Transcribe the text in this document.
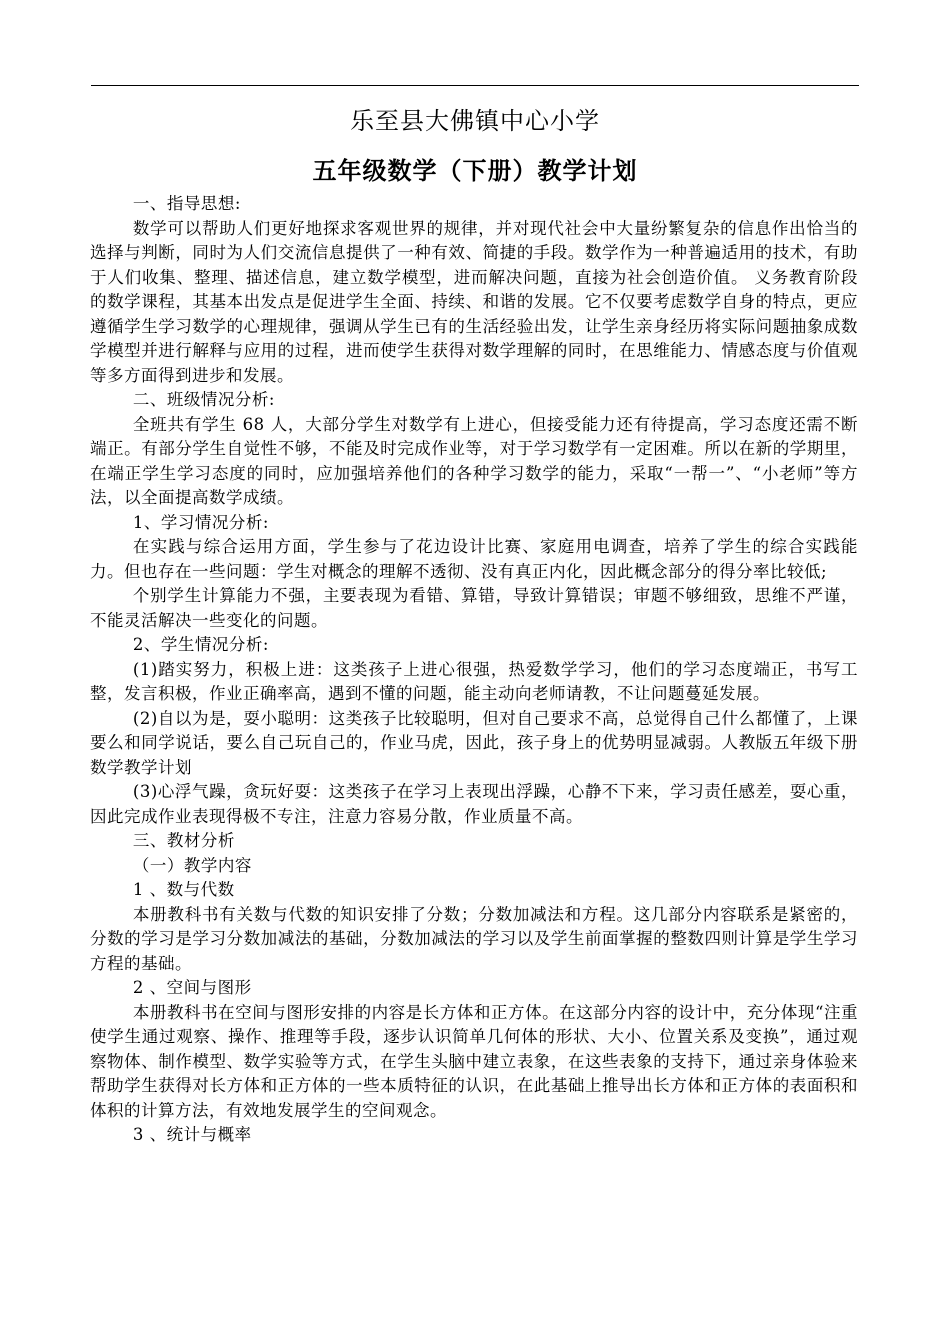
乐至县大佛镇中心小学
五年级数学（下册）教学计划

一、指导思想:

数学可以帮助人们更好地探求客观世界的规律，并对现代社会中大量纷繁复杂的信息作出恰当的选择与判断，同时为人们交流信息提供了一种有效、简捷的手段。数学作为一种普遍适用的技术，有助于人们收集、整理、描述信息，建立数学模型，进而解决问题，直接为社会创造价值。 义务教育阶段的数学课程，其基本出发点是促进学生全面、持续、和谐的发展。它不仅要考虑数学自身的特点，更应遵循学生学习数学的心理规律，强调从学生已有的生活经验出发，让学生亲身经历将实际问题抽象成数学模型并进行解释与应用的过程，进而使学生获得对数学理解的同时，在思维能力、情感态度与价值观等多方面得到进步和发展。

二、班级情况分析:

全班共有学生 68 人，大部分学生对数学有上进心，但接受能力还有待提高，学习态度还需不断端正。有部分学生自觉性不够，不能及时完成作业等，对于学习数学有一定困难。所以在新的学期里，在端正学生学习态度的同时，应加强培养他们的各种学习数学的能力，采取“一帮一”、“小老师”等方法，以全面提高数学成绩。

1、学习情况分析:

在实践与综合运用方面，学生参与了花边设计比赛、家庭用电调查，培养了学生的综合实践能力。但也存在一些问题：学生对概念的理解不透彻、没有真正内化，因此概念部分的得分率比较低;

个别学生计算能力不强，主要表现为看错、算错，导致计算错误；审题不够细致，思维不严谨，不能灵活解决一些变化的问题。

2、学生情况分析:

(1)踏实努力，积极上进：这类孩子上进心很强，热爱数学学习，他们的学习态度端正，书写工整，发言积极，作业正确率高，遇到不懂的问题，能主动向老师请教，不让问题蔓延发展。

(2)自以为是，耍小聪明：这类孩子比较聪明，但对自己要求不高，总觉得自己什么都懂了，上课要么和同学说话，要么自己玩自己的，作业马虎，因此，孩子身上的优势明显减弱。人教版五年级下册数学教学计划

(3)心浮气躁，贪玩好耍：这类孩子在学习上表现出浮躁，心静不下来，学习责任感差，耍心重，因此完成作业表现得极不专注，注意力容易分散，作业质量不高。

三、教材分析

（一）教学内容

1 、数与代数

本册教科书有关数与代数的知识安排了分数；分数加减法和方程。这几部分内容联系是紧密的，分数的学习是学习分数加减法的基础，分数加减法的学习以及学生前面掌握的整数四则计算是学生学习方程的基础。

2 、空间与图形

本册教科书在空间与图形安排的内容是长方体和正方体。在这部分内容的设计中，充分体现“注重使学生通过观察、操作、推理等手段，逐步认识简单几何体的形状、大小、位置关系及变换”，通过观察物体、制作模型、数学实验等方式，在学生头脑中建立表象，在这些表象的支持下，通过亲身体验来帮助学生获得对长方体和正方体的一些本质特征的认识，在此基础上推导出长方体和正方体的表面积和体积的计算方法，有效地发展学生的空间观念。

3 、统计与概率
